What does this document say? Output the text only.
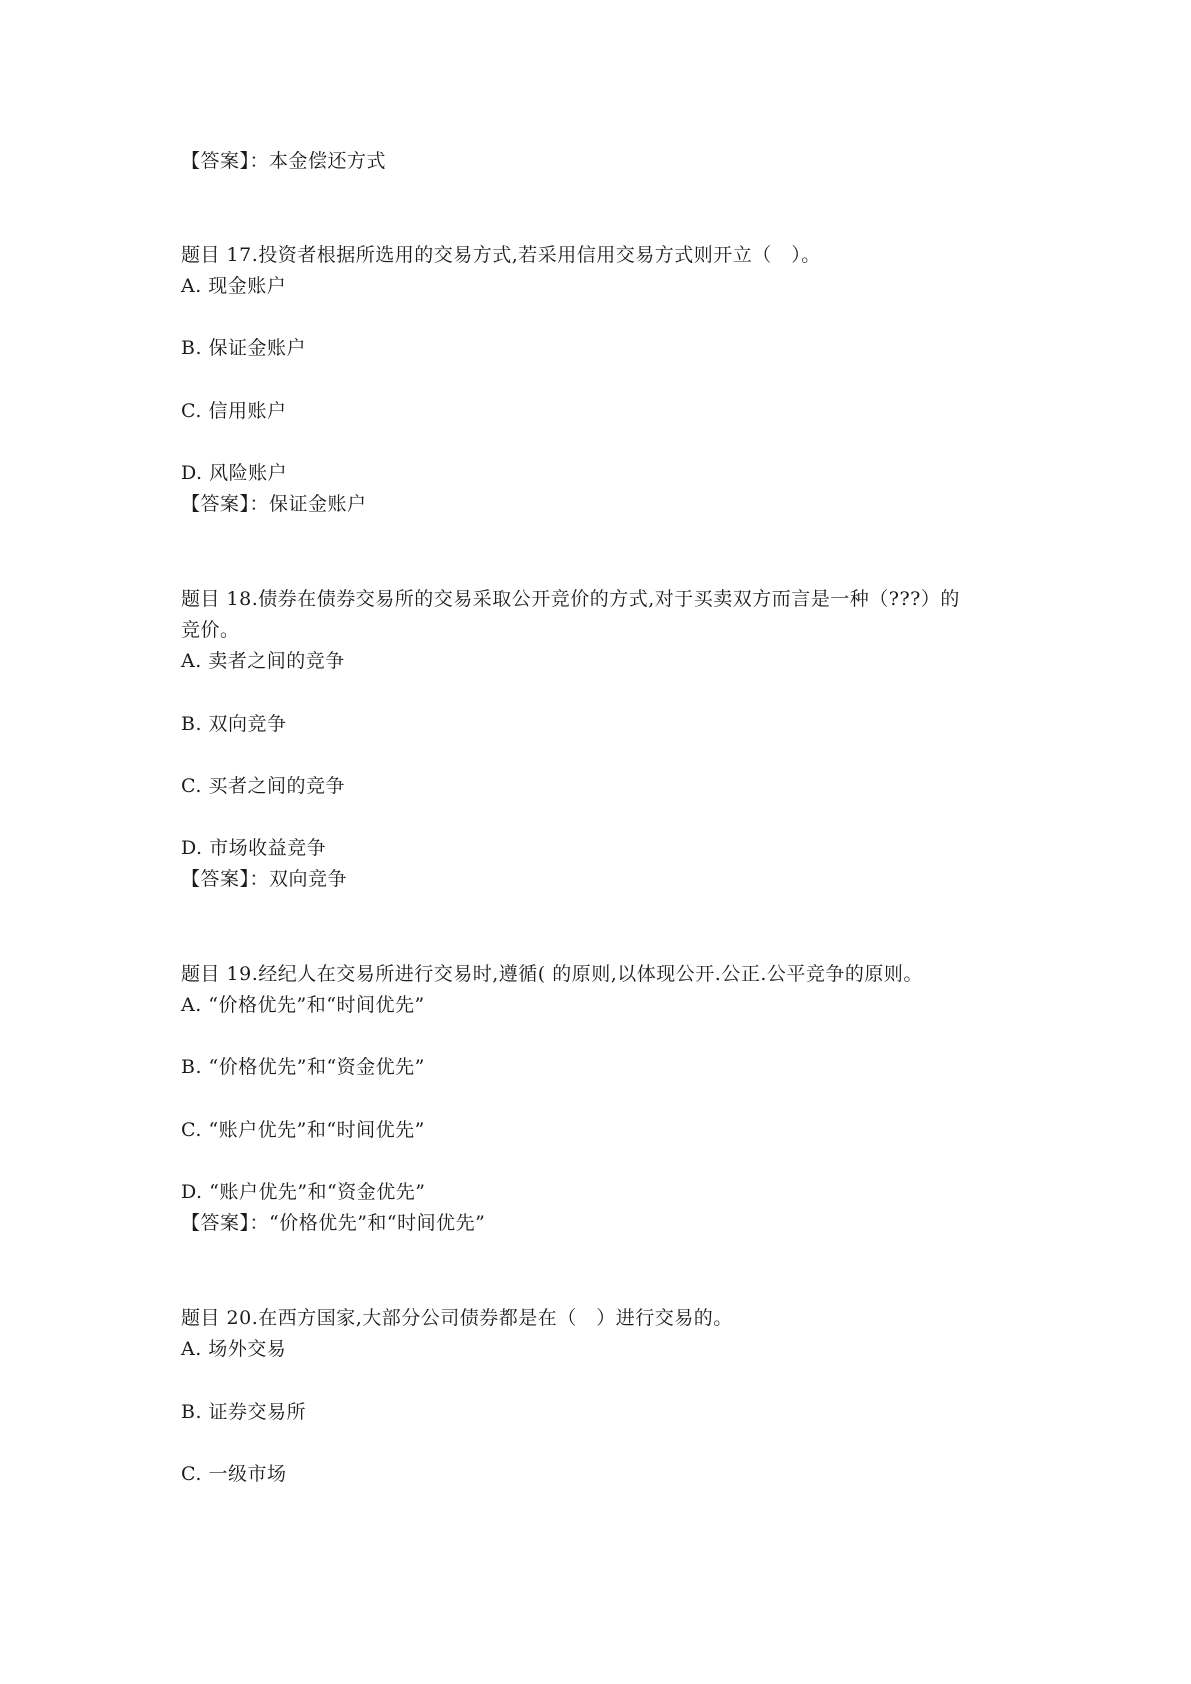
【答案】：本金偿还方式
题目 17.投资者根据所选用的交易方式,若采用信用交易方式则开立（　）。
A. 现金账户
B. 保证金账户
C. 信用账户
D. 风险账户
【答案】：保证金账户
题目 18.债券在债券交易所的交易采取公开竞价的方式,对于买卖双方而言是一种（???）的
竞价。
A. 卖者之间的竞争
B. 双向竞争
C. 买者之间的竞争
D. 市场收益竞争
【答案】：双向竞争
题目 19.经纪人在交易所进行交易时,遵循( 的原则,以体现公开.公正.公平竞争的原则。
A. “价格优先”和“时间优先”
B. “价格优先”和“资金优先”
C. “账户优先”和“时间优先”
D. “账户优先”和“资金优先”
【答案】：“价格优先”和“时间优先”
题目 20.在西方国家,大部分公司债券都是在（　）进行交易的。
A. 场外交易
B. 证券交易所
C. 一级市场
